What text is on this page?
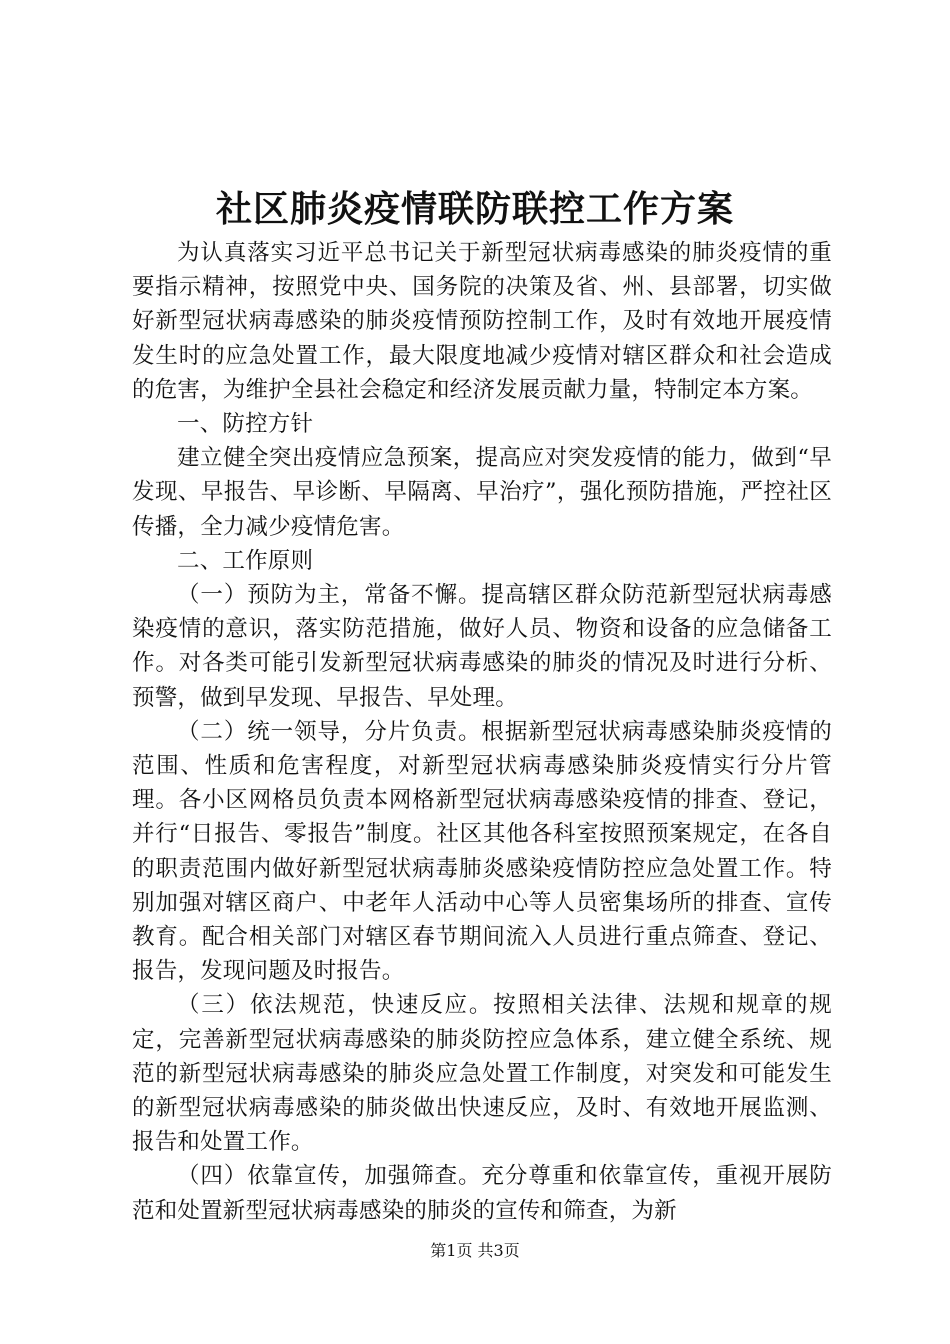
社区肺炎疫情联防联控工作方案

为认真落实习近平总书记关于新型冠状病毒感染的肺炎疫情的重要指示精神，按照党中央、国务院的决策及省、州、县部署，切实做好新型冠状病毒感染的肺炎疫情预防控制工作，及时有效地开展疫情发生时的应急处置工作，最大限度地减少疫情对辖区群众和社会造成的危害，为维护全县社会稳定和经济发展贡献力量，特制定本方案。

一、防控方针

建立健全突出疫情应急预案，提高应对突发疫情的能力，做到“早发现、早报告、早诊断、早隔离、早治疗”，强化预防措施，严控社区传播，全力减少疫情危害。

二、工作原则

（一）预防为主，常备不懈。提高辖区群众防范新型冠状病毒感染疫情的意识，落实防范措施，做好人员、物资和设备的应急储备工作。对各类可能引发新型冠状病毒感染的肺炎的情况及时进行分析、预警，做到早发现、早报告、早处理。

（二）统一领导，分片负责。根据新型冠状病毒感染肺炎疫情的范围、性质和危害程度，对新型冠状病毒感染肺炎疫情实行分片管理。各小区网格员负责本网格新型冠状病毒感染疫情的排查、登记，并行“日报告、零报告”制度。社区其他各科室按照预案规定，在各自的职责范围内做好新型冠状病毒肺炎感染疫情防控应急处置工作。特别加强对辖区商户、中老年人活动中心等人员密集场所的排查、宣传教育。配合相关部门对辖区春节期间流入人员进行重点筛查、登记、报告，发现问题及时报告。

（三）依法规范，快速反应。按照相关法律、法规和规章的规定，完善新型冠状病毒感染的肺炎防控应急体系，建立健全系统、规范的新型冠状病毒感染的肺炎应急处置工作制度，对突发和可能发生的新型冠状病毒感染的肺炎做出快速反应，及时、有效地开展监测、报告和处置工作。

（四）依靠宣传，加强筛查。充分尊重和依靠宣传，重视开展防范和处置新型冠状病毒感染的肺炎的宣传和筛查，为新

第1页 共3页
